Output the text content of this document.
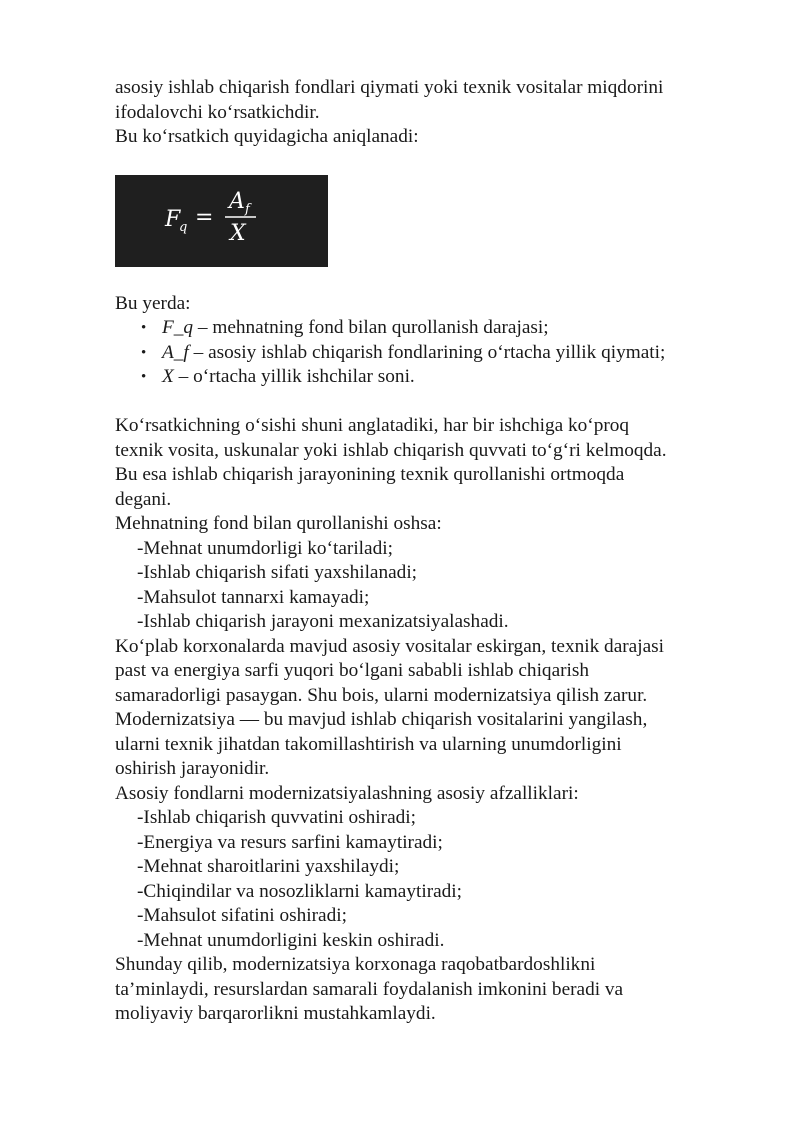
asosiy ishlab chiqarish fondlari qiymati yoki texnik vositalar miqdorini
ifodalovchi ko‘rsatkichdir.
Bu ko‘rsatkich quyidagicha aniqlanadi:
F
q =
A f
X
Bu yerda:
• F_q – mehnatning fond bilan qurollanish darajasi;
• A_f – asosiy ishlab chiqarish fondlarining o‘rtacha yillik qiymati;
• X – o‘rtacha yillik ishchilar soni.
Ko‘rsatkichning o‘sishi shuni anglatadiki, har bir ishchiga ko‘proq
texnik vosita, uskunalar yoki ishlab chiqarish quvvati to‘g‘ri kelmoqda.
Bu esa ishlab chiqarish jarayonining texnik qurollanishi ortmoqda
degani.
Mehnatning fond bilan qurollanishi oshsa:
-Mehnat unumdorligi ko‘tariladi;
-Ishlab chiqarish sifati yaxshilanadi;
-Mahsulot tannarxi kamayadi;
-Ishlab chiqarish jarayoni mexanizatsiyalashadi.
Ko‘plab korxonalarda mavjud asosiy vositalar eskirgan, texnik darajasi
past va energiya sarfi yuqori bo‘lgani sababli ishlab chiqarish
samaradorligi pasaygan. Shu bois, ularni modernizatsiya qilish zarur.
Modernizatsiya — bu mavjud ishlab chiqarish vositalarini yangilash,
ularni texnik jihatdan takomillashtirish va ularning unumdorligini
oshirish jarayonidir.
Asosiy fondlarni modernizatsiyalashning asosiy afzalliklari:
-Ishlab chiqarish quvvatini oshiradi;
-Energiya va resurs sarfini kamaytiradi;
-Mehnat sharoitlarini yaxshilaydi;
-Chiqindilar va nosozliklarni kamaytiradi;
-Mahsulot sifatini oshiradi;
-Mehnat unumdorligini keskin oshiradi.
Shunday qilib, modernizatsiya korxonaga raqobatbardoshlikni
ta’minlaydi, resurslardan samarali foydalanish imkonini beradi va
moliyaviy barqarorlikni mustahkamlaydi.
